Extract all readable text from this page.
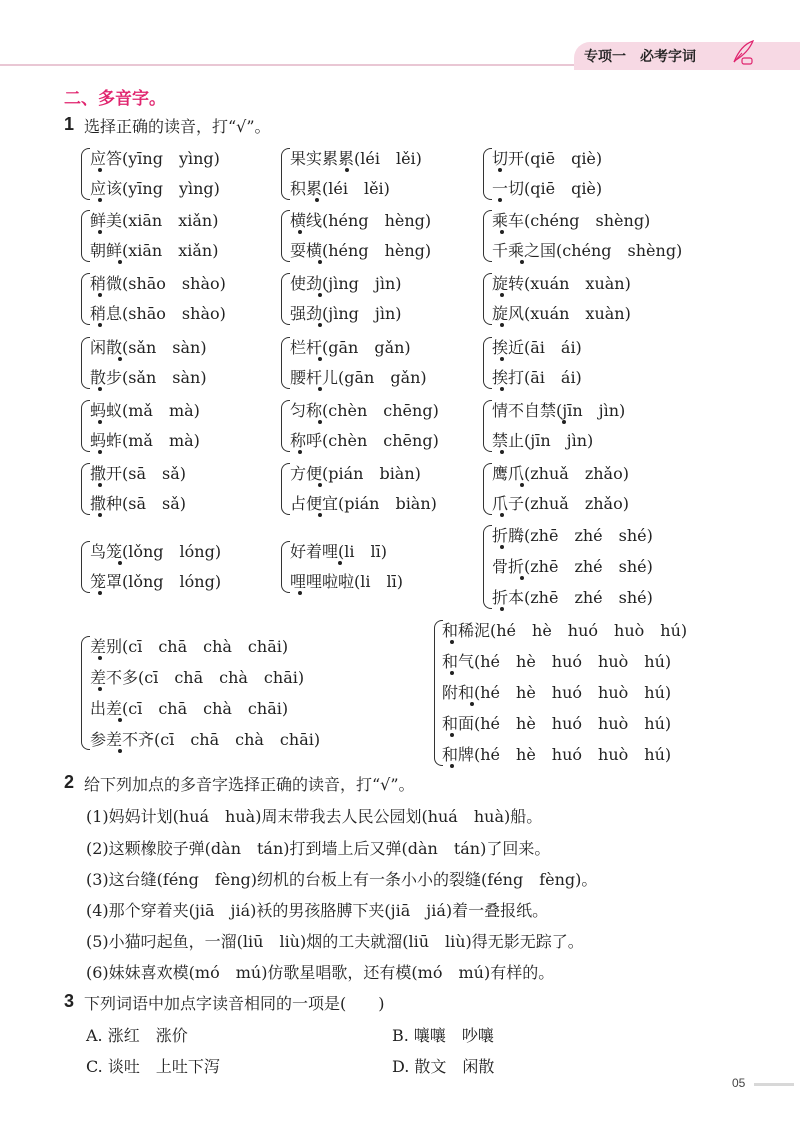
专项一　必考字词
二、多音字。
1 选择正确的读音，打“√”。
应答(yīng　yìng)
应该(yīng　yìng)
果实累累(léi　lěi)
积累(léi　lěi)
切开(qiē　qiè)
一切(qiē　qiè)
鲜美(xiān　xiǎn)
朝鲜(xiān　xiǎn)
横线(héng　hèng)
耍横(héng　hèng)
乘车(chéng　shèng)
千乘之国(chéng　shèng)
稍微(shāo　shào)
稍息(shāo　shào)
使劲(jìng　jìn)
强劲(jìng　jìn)
旋转(xuán　xuàn)
旋风(xuán　xuàn)
闲散(sǎn　sàn)
散步(sǎn　sàn)
栏杆(gān　gǎn)
腰杆儿(gān　gǎn)
挨近(āi　ái)
挨打(āi　ái)
蚂蚁(mǎ　mà)
蚂蚱(mǎ　mà)
匀称(chèn　chēng)
称呼(chèn　chēng)
情不自禁(jīn　jìn)
禁止(jīn　jìn)
撒开(sā　sǎ)
撒种(sā　sǎ)
方便(pián　biàn)
占便宜(pián　biàn)
鹰爪(zhuǎ　zhǎo)
爪子(zhuǎ　zhǎo)
鸟笼(lǒng　lóng)
笼罩(lǒng　lóng)
好着哩(li　lī)
哩哩啦啦(li　lī)
折腾(zhē　zhé　shé)
骨折(zhē　zhé　shé)
折本(zhē　zhé　shé)
差别(cī　chā　chà　chāi)
差不多(cī　chā　chà　chāi)
出差(cī　chā　chà　chāi)
参差不齐(cī　chā　chà　chāi)
和稀泥(hé　hè　huó　huò　hú)
和气(hé　hè　huó　huò　hú)
附和(hé　hè　huó　huò　hú)
和面(hé　hè　huó　huò　hú)
和牌(hé　hè　huó　huò　hú)
2 给下列加点的多音字选择正确的读音，打“√”。
(1)妈妈计划(huá　huà)周末带我去人民公园划(huá　huà)船。
(2)这颗橡胶子弹(dàn　tán)打到墙上后又弹(dàn　tán)了回来。
(3)这台缝(féng　fèng)纫机的台板上有一条小小的裂缝(féng　fèng)。
(4)那个穿着夹(jiā　jiá)袄的男孩胳膊下夹(jiā　jiá)着一叠报纸。
(5)小猫叼起鱼，一溜(liū　liù)烟的工夫就溜(liū　liù)得无影无踪了。
(6)妹妹喜欢模(mó　mú)仿歌星唱歌，还有模(mó　mú)有样的。
3 下列词语中加点字读音相同的一项是(　　)
A. 涨红　涨价	B. 嚷嚷　吵嚷
C. 谈吐　上吐下泻	D. 散文　闲散
05
